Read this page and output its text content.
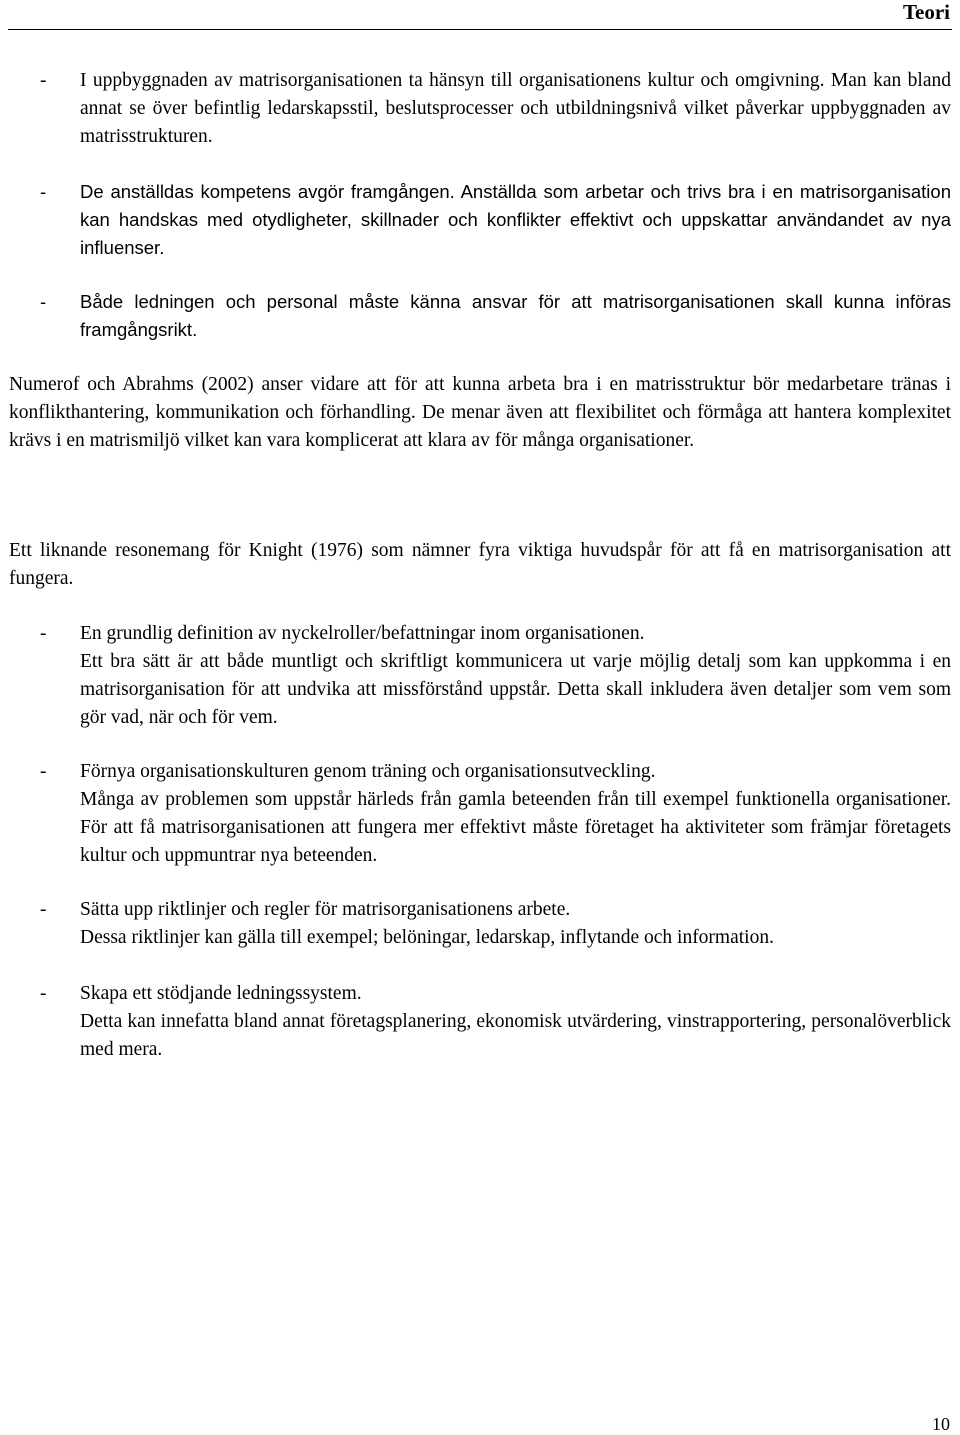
Teori

- I uppbyggnaden av matrisorganisationen ta hänsyn till organisationens kultur och omgivning. Man kan bland annat se över befintlig ledarskapsstil, beslutsprocesser och utbildningsnivå vilket påverkar uppbyggnaden av matrisstrukturen.

- De anställdas kompetens avgör framgången. Anställda som arbetar och trivs bra i en matrisorganisation kan handskas med otydligheter, skillnader och konflikter effektivt och uppskattar användandet av nya influenser.

- Både ledningen och personal måste känna ansvar för att matrisorganisationen skall kunna införas framgångsrikt.

Numerof och Abrahms (2002) anser vidare att för att kunna arbeta bra i en matrisstruktur bör medarbetare tränas i konflikthantering, kommunikation och förhandling. De menar även att flexibilitet och förmåga att hantera komplexitet krävs i en matrismiljö vilket kan vara komplicerat att klara av för många organisationer.

Ett liknande resonemang för Knight (1976) som nämner fyra viktiga huvudspår för att få en matrisorganisation att fungera.

- En grundlig definition av nyckelroller/befattningar inom organisationen.
Ett bra sätt är att både muntligt och skriftligt kommunicera ut varje möjlig detalj som kan uppkomma i en matrisorganisation för att undvika att missförstånd uppstår. Detta skall inkludera även detaljer som vem som gör vad, när och för vem.
- Förnya organisationskulturen genom träning och organisationsutveckling.
Många av problemen som uppstår härleds från gamla beteenden från till exempel funktionella organisationer. För att få matrisorganisationen att fungera mer effektivt måste företaget ha aktiviteter som främjar företagets kultur och uppmuntrar nya beteenden.
- Sätta upp riktlinjer och regler för matrisorganisationens arbete.
Dessa riktlinjer kan gälla till exempel; belöningar, ledarskap, inflytande och information.
- Skapa ett stödjande ledningssystem.
Detta kan innefatta bland annat företagsplanering, ekonomisk utvärdering, vinstrapportering, personalöverblick med mera.
10
